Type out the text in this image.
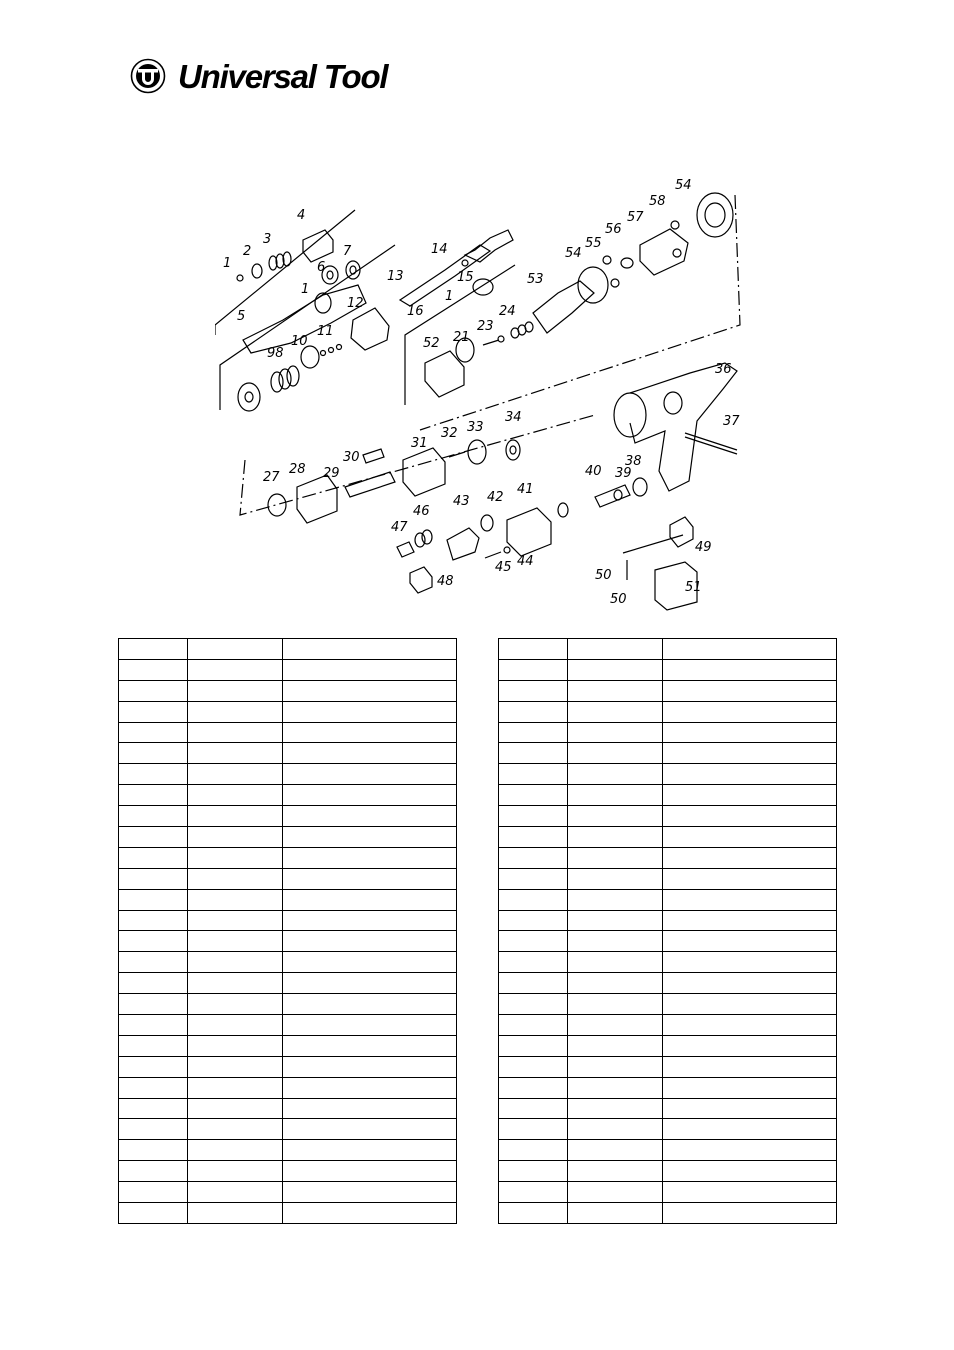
Universal Tool
1
2
3
4
5
6
7
98
10
11
12
13
1
14
15
16
1
21
23
24
52
53
54
55
56
57
58
54
36
37
27
28 29
30
31
32 33
34
40 39
38
41
42
43
44
45
46
47
48
49
50
50
51
